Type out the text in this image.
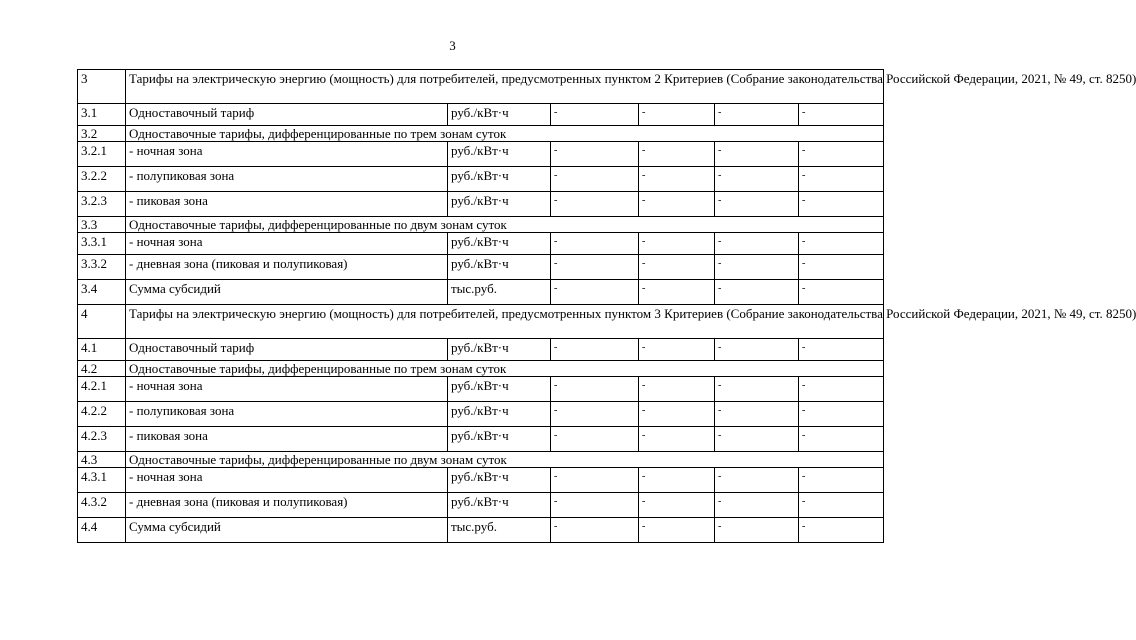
3
3	Тарифы на электрическую энергию (мощность) для потребителей, предусмотренных пунктом 2 Критериев (Собрание законодательства Российской Федерации, 2021, № 49, ст. 8250)					
3.1	Одноставочный тариф	руб./кВт·ч	-	-	-	-
3.2	Одноставочные тарифы, дифференцированные по трем зонам суток					
3.2.1	- ночная зона	руб./кВт·ч	-	-	-	-
3.2.2	- полупиковая зона	руб./кВт·ч	-	-	-	-
3.2.3	- пиковая зона	руб./кВт·ч	-	-	-	-
3.3	Одноставочные тарифы, дифференцированные по двум зонам суток					
3.3.1	- ночная зона	руб./кВт·ч	-	-	-	-
3.3.2	- дневная зона (пиковая и полупиковая)	руб./кВт·ч	-	-	-	-
3.4	Сумма субсидий	тыс.руб.	-	-	-	-
4	Тарифы на электрическую энергию (мощность) для потребителей, предусмотренных пунктом 3 Критериев (Собрание законодательства Российской Федерации, 2021, № 49, ст. 8250)					
4.1	Одноставочный тариф	руб./кВт·ч	-	-	-	-
4.2	Одноставочные тарифы, дифференцированные по трем зонам суток					
4.2.1	- ночная зона	руб./кВт·ч	-	-	-	-
4.2.2	- полупиковая зона	руб./кВт·ч	-	-	-	-
4.2.3	- пиковая зона	руб./кВт·ч	-	-	-	-
4.3	Одноставочные тарифы, дифференцированные по двум зонам суток					
4.3.1	- ночная зона	руб./кВт·ч	-	-	-	-
4.3.2	- дневная зона (пиковая и полупиковая)	руб./кВт·ч	-	-	-	-
4.4	Сумма субсидий	тыс.руб.	-	-	-	-
